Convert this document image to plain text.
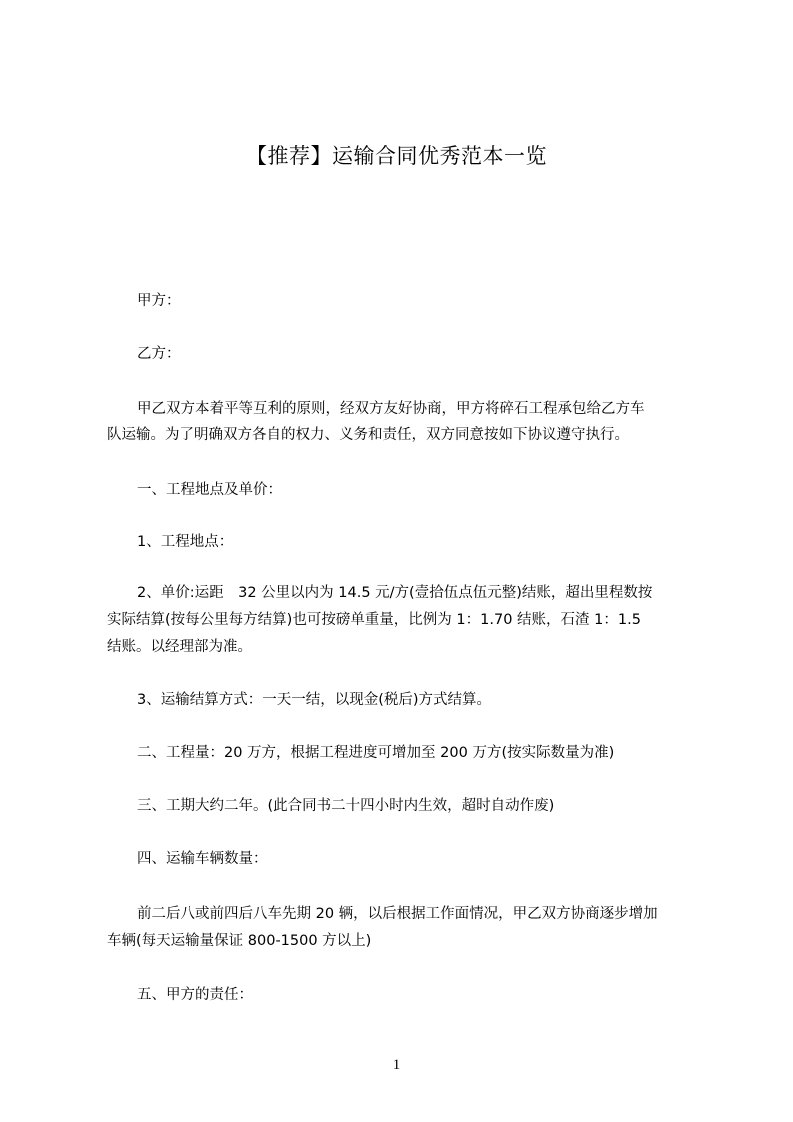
【推荐】运输合同优秀范本一览
甲方：
乙方：
甲乙双方本着平等互利的原则，经双方友好协商，甲方将碎石工程承包给乙方车
队运输。为了明确双方各自的权力、义务和责任，双方同意按如下协议遵守执行。
一、工程地点及单价：
1、工程地点：
2、单价:运距　32 公里以内为 14.5 元/方(壹拾伍点伍元整)结账，超出里程数按
实际结算(按每公里每方结算)也可按磅单重量，比例为 1：1.70 结账，石渣 1：1.5
结账。以经理部为准。
3、运输结算方式：一天一结，以现金(税后)方式结算。
二、工程量：20 万方，根据工程进度可增加至 200 万方(按实际数量为准)
三、工期大约二年。(此合同书二十四小时内生效，超时自动作废)
四、运输车辆数量：
前二后八或前四后八车先期 20 辆，以后根据工作面情况，甲乙双方协商逐步增加
车辆(每天运输量保证 800-1500 方以上)
五、甲方的责任：
1
